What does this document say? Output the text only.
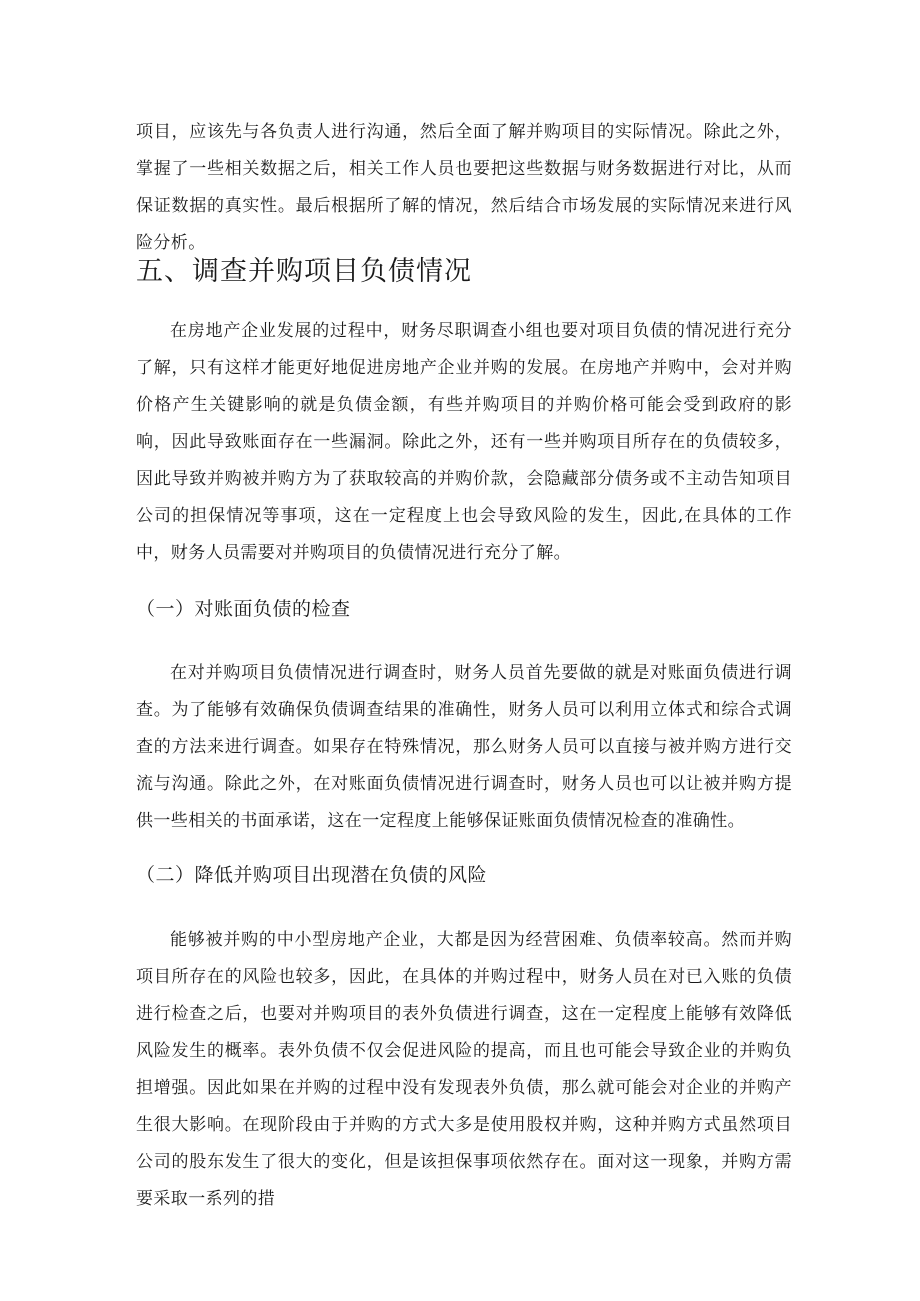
项目，应该先与各负责人进行沟通，然后全面了解并购项目的实际情况。除此之外，掌握了一些相关数据之后，相关工作人员也要把这些数据与财务数据进行对比，从而保证数据的真实性。最后根据所了解的情况，然后结合市场发展的实际情况来进行风险分析。

五、调查并购项目负债情况

在房地产企业发展的过程中，财务尽职调查小组也要对项目负债的情况进行充分了解，只有这样才能更好地促进房地产企业并购的发展。在房地产并购中，会对并购价格产生关键影响的就是负债金额，有些并购项目的并购价格可能会受到政府的影响，因此导致账面存在一些漏洞。除此之外，还有一些并购项目所存在的负债较多，因此导致并购被并购方为了获取较高的并购价款，会隐藏部分债务或不主动告知项目公司的担保情况等事项，这在一定程度上也会导致风险的发生，因此,在具体的工作中，财务人员需要对并购项目的负债情况进行充分了解。

（一）对账面负债的检查

在对并购项目负债情况进行调查时，财务人员首先要做的就是对账面负债进行调查。为了能够有效确保负债调查结果的准确性，财务人员可以利用立体式和综合式调查的方法来进行调查。如果存在特殊情况，那么财务人员可以直接与被并购方进行交流与沟通。除此之外，在对账面负债情况进行调查时，财务人员也可以让被并购方提供一些相关的书面承诺，这在一定程度上能够保证账面负债情况检查的准确性。

（二）降低并购项目出现潜在负债的风险

能够被并购的中小型房地产企业，大都是因为经营困难、负债率较高。然而并购项目所存在的风险也较多，因此，在具体的并购过程中，财务人员在对已入账的负债进行检查之后，也要对并购项目的表外负债进行调查，这在一定程度上能够有效降低风险发生的概率。表外负债不仅会促进风险的提高，而且也可能会导致企业的并购负担增强。因此如果在并购的过程中没有发现表外负债，那么就可能会对企业的并购产生很大影响。在现阶段由于并购的方式大多是使用股权并购，这种并购方式虽然项目公司的股东发生了很大的变化，但是该担保事项依然存在。面对这一现象，并购方需要采取一系列的措
